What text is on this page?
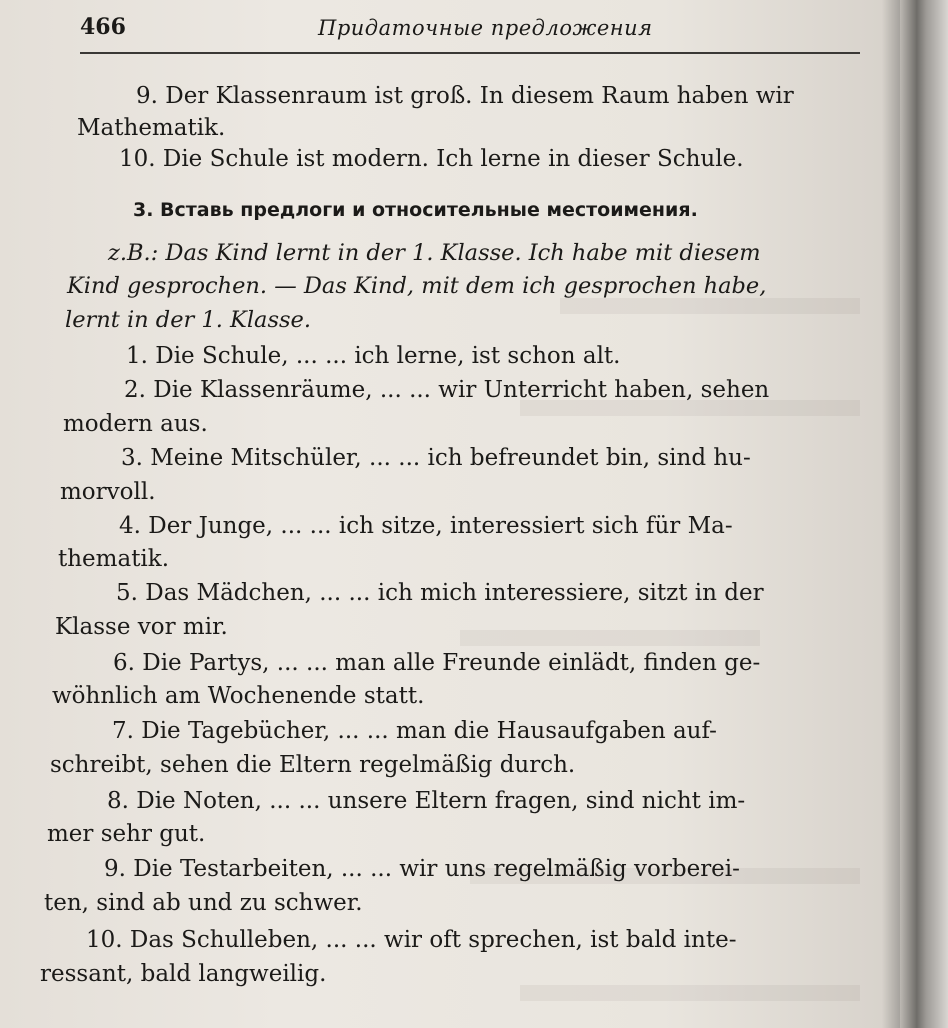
466	Придаточные предложения
9. Der Klassenraum ist groß. In diesem Raum haben wir
Mathematik.
10. Die Schule ist modern. Ich lerne in dieser Schule.
3. Вставь предлоги и относительные местоимения.
z.B.: Das Kind lernt in der 1. Klasse. Ich habe mit diesem
Kind gesprochen. — Das Kind, mit dem ich gesprochen habe,
lernt in der 1. Klasse.
1. Die Schule, ... ... ich lerne, ist schon alt.
2. Die Klassenräume, ... ... wir Unterricht haben, sehen
modern aus.
3. Meine Mitschüler, ... ... ich befreundet bin, sind hu-
morvoll.
4. Der Junge, ... ... ich sitze, interessiert sich für Ma-
thematik.
5. Das Mädchen, ... ... ich mich interessiere, sitzt in der
Klasse vor mir.
6. Die Partys, ... ... man alle Freunde einlädt, finden ge-
wöhnlich am Wochenende statt.
7. Die Tagebücher, ... ... man die Hausaufgaben auf-
schreibt, sehen die Eltern regelmäßig durch.
8. Die Noten, ... ... unsere Eltern fragen, sind nicht im-
mer sehr gut.
9. Die Testarbeiten, ... ... wir uns regelmäßig vorberei-
ten, sind ab und zu schwer.
10. Das Schulleben, ... ... wir oft sprechen, ist bald inte-
ressant, bald langweilig.
